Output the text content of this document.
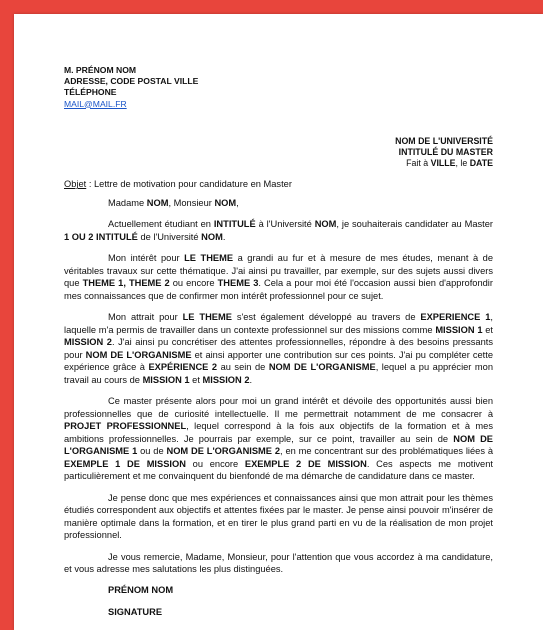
M. PRÉNOM NOM
ADRESSE, CODE POSTAL VILLE
TÉLÉPHONE
MAIL@MAIL.FR
NOM DE L'UNIVERSITÉ
INTITULÉ DU MASTER
Fait à VILLE, le DATE
Objet : Lettre de motivation pour candidature en Master
Madame NOM, Monsieur NOM,

Actuellement étudiant en INTITULÉ à l'Université NOM, je souhaiterais candidater au Master 1 OU 2 INTITULÉ de l'Université NOM.

Mon intérêt pour LE THEME a grandi au fur et à mesure de mes études, menant à de véritables travaux sur cette thématique. J'ai ainsi pu travailler, par exemple, sur des sujets aussi divers que THEME 1, THEME 2 ou encore THEME 3. Cela a pour moi été l'occasion aussi bien d'approfondir mes connaissances que de confirmer mon intérêt professionnel pour ce sujet.

Mon attrait pour LE THEME s'est également développé au travers de EXPERIENCE 1, laquelle m'a permis de travailler dans un contexte professionnel sur des missions comme MISSION 1 et MISSION 2. J'ai ainsi pu concrétiser des attentes professionnelles, répondre à des besoins pressants pour NOM DE L'ORGANISME et ainsi apporter une contribution sur ces points. J'ai pu compléter cette expérience grâce à EXPÉRIENCE 2 au sein de NOM DE L'ORGANISME, lequel a pu apprécier mon travail au cours de MISSION 1 et MISSION 2.

Ce master présente alors pour moi un grand intérêt et dévoile des opportunités aussi bien professionnelles que de curiosité intellectuelle. Il me permettrait notamment de me consacrer à PROJET PROFESSIONNEL, lequel correspond à la fois aux objectifs de la formation et à mes ambitions professionnelles. Je pourrais par exemple, sur ce point, travailler au sein de NOM DE L'ORGANISME 1 ou de NOM DE L'ORGANISME 2, en me concentrant sur des problématiques liées à EXEMPLE 1 DE MISSION ou encore EXEMPLE 2 DE MISSION. Ces aspects me motivent particulièrement et me convainquent du bienfondé de ma démarche de candidature dans ce master.

Je pense donc que mes expériences et connaissances ainsi que mon attrait pour les thèmes étudiés correspondent aux objectifs et attentes fixées par le master. Je pense ainsi pouvoir m'insérer de manière optimale dans la formation, et en tirer le plus grand parti en vu de la réalisation de mon projet professionnel.

Je vous remercie, Madame, Monsieur, pour l'attention que vous accordez à ma candidature, et vous adresse mes salutations les plus distinguées.

PRÉNOM NOM
SIGNATURE
